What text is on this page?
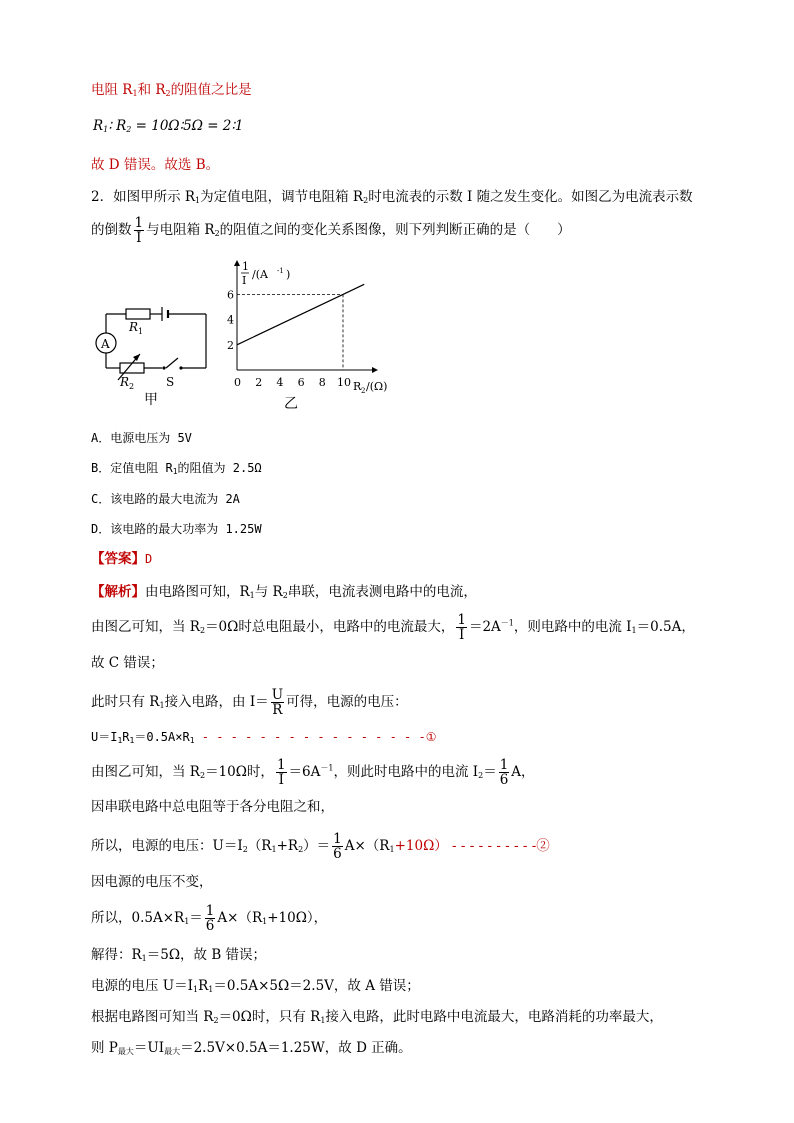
电阻 $R_1$和 $R_2$的阻值之比是
$R_1∶$ $R_2$ = 10Ω∶5Ω = 2∶1
故 D 错误。故选 B。
2．如图甲所示 $R_1$为定值电阻，调节电阻箱 $R_2$时电流表的示数 I 随之发生变化。如图乙为电流表示数
的倒数 $\frac{1}{I}$ 与电阻箱 $R_2$的阻值之间的变化关系图像，则下列判断正确的是（　　）
A
R 1
R 2	S
甲
0 2 4 6 8 10
2
4
6
1
I /(A -1 )
R 2 /(Ω)
乙
A．电源电压为 5V
B．定值电阻 $R_1$的阻值为 2.5Ω
C．该电路的最大电流为 2A
D．该电路的最大功率为 1.25W
【答案】D
【解析】由电路图可知，$R_1$与 $R_2$串联，电流表测电路中的电流，
由图乙可知，当 $R_2=0\Omega$时总电阻最小，电路中的电流最大， $\frac{1}{I} =2A^{-1}$，则电路中的电流 $I_1=0.5A$，
故 C 错误；
此时只有 $R_1$接入电路，由 $I= \frac{U}{R}$ 可得，电源的电压：
$U=I_1R_1=0.5A\times R_1$ - - - - - - - - - - - - - - - -①
由图乙可知，当 $R_2=10\Omega$时， $\frac{1}{I} =6A^{-1}$，则此时电路中的电流 $I_2= \frac{1}{6}$ A，
因串联电路中总电阻等于各分电阻之和，
所以，电源的电压：$U=I_2(R_1+R_2)= \frac{1}{6} A\times(R_1+10\Omega)$ - - - - - - - - - -②
因电源的电压不变，
所以，$0.5A\times R_1= \frac{1}{6} A\times(R_1+10\Omega)$，
解得：$R_1=5\Omega$，故 B 错误；
电源的电压 $U=I_1R_1=0.5A\times 5\Omega=2.5V$，故 A 错误；
根据电路图可知当 $R_2=0\Omega$时，只有 $R_1$接入电路，此时电路中电流最大，电路消耗的功率最大，
则 $P_{最大}=UI_{最大}=2.5V\times 0.5A=1.25W$，故 D 正确。
